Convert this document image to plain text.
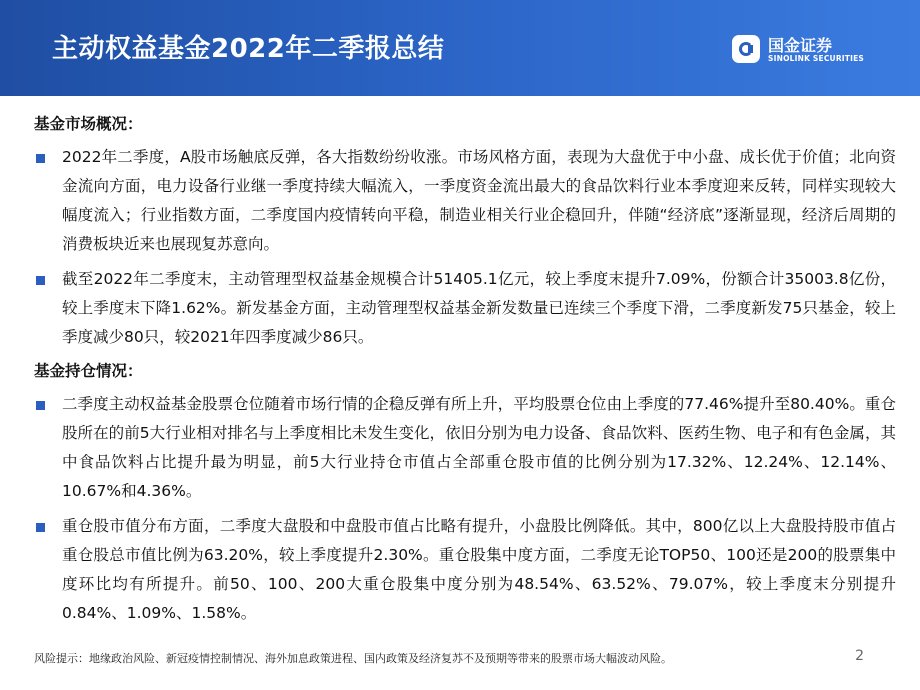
主动权益基金2022年二季报总结	国金证券
SINOLINK SECURITIES
基金市场概况：
2022年二季度，A股市场触底反弹，各大指数纷纷收涨。市场风格方面，表现为大盘优于中小盘、成长优于价值；北向资金流向方面，电力设备行业继一季度持续大幅流入，一季度资金流出最大的食品饮料行业本季度迎来反转，同样实现较大幅度流入；行业指数方面，二季度国内疫情转向平稳，制造业相关行业企稳回升，伴随“经济底”逐渐显现，经济后周期的消费板块近来也展现复苏意向。
截至2022年二季度末，主动管理型权益基金规模合计51405.1亿元，较上季度末提升7.09%，份额合计35003.8亿份，较上季度末下降1.62%。新发基金方面，主动管理型权益基金新发数量已连续三个季度下滑，二季度新发75只基金，较上季度减少80只，较2021年四季度减少86只。
基金持仓情况：
二季度主动权益基金股票仓位随着市场行情的企稳反弹有所上升，平均股票仓位由上季度的77.46%提升至80.40%。重仓股所在的前5大行业相对排名与上季度相比未发生变化，依旧分别为电力设备、食品饮料、医药生物、电子和有色金属，其中食品饮料占比提升最为明显，前5大行业持仓市值占全部重仓股市值的比例分别为17.32%、12.24%、12.14%、10.67%和4.36%。
重仓股市值分布方面，二季度大盘股和中盘股市值占比略有提升，小盘股比例降低。其中，800亿以上大盘股持股市值占重仓股总市值比例为63.20%，较上季度提升2.30%。重仓股集中度方面，二季度无论TOP50、100还是200的股票集中度环比均有所提升。前50、100、200大重仓股集中度分别为48.54%、63.52%、79.07%，较上季度末分别提升0.84%、1.09%、1.58%。
风险提示：地缘政治风险、新冠疫情控制情况、海外加息政策进程、国内政策及经济复苏不及预期等带来的股票市场大幅波动风险。	2
